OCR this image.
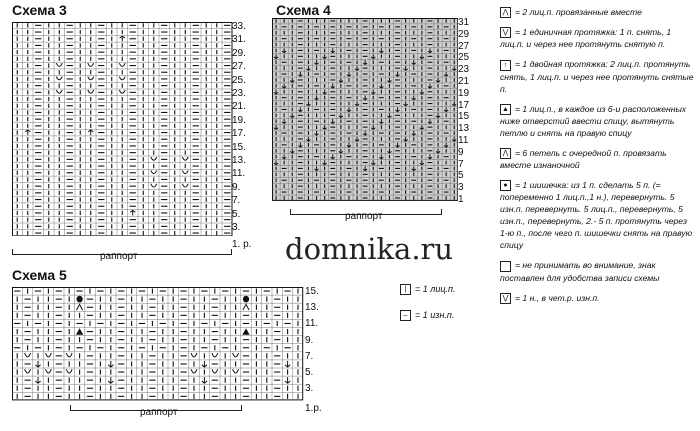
Схема 3
33.
31.
29.
27.
25.
23.
21.
19.
17.
15.
13.
11.
9.
7.
5.
3.
1. р.
раппорт
Схема 4
31
29
27
25
23
21
19
17
15
13
11
9
7
5
3
1
раппорт
domnika.ru
Схема 5
15.
13.
11.
9.
7.
5.
3.
1.р.
раппорт
| = 1 лиц.п.
– = 1 изн.п.
⋀ = 2 лиц.п. провязанные вместе
⋁ = 1 единичная протяжка: 1 п. снять, 1 лиц.п. и через нее протянуть снятую п.
↑ = 1 двойная протяжка: 2 лиц.п. протянуть снять, 1 лиц.п. и через нее протянуть снятые п.
▲ = 1 лиц.п., в каждое из 6-и расположенных ниже отверстий ввести спицу, вытянуть петлю и снять на правую спицу
⋀ = 6 петель с очередной п. провязать вместе изнаночной
● = 1 шишечка: из 1 п. сделать 5 п. (= попеременно 1 лиц.п.,1 н.), перевернуть. 5 изн.п. перевернуть. 5 лиц.п., перевернуть, 5 изн.п., перевернуть, 2.- 5 п. протянуть через 1-ю п., после чего п. шишечки снять на правую спицу
= не принимать во внимание, знак поставлен для удобства записи схемы
⋁ = 1 н., в чет.р. изн.п.
